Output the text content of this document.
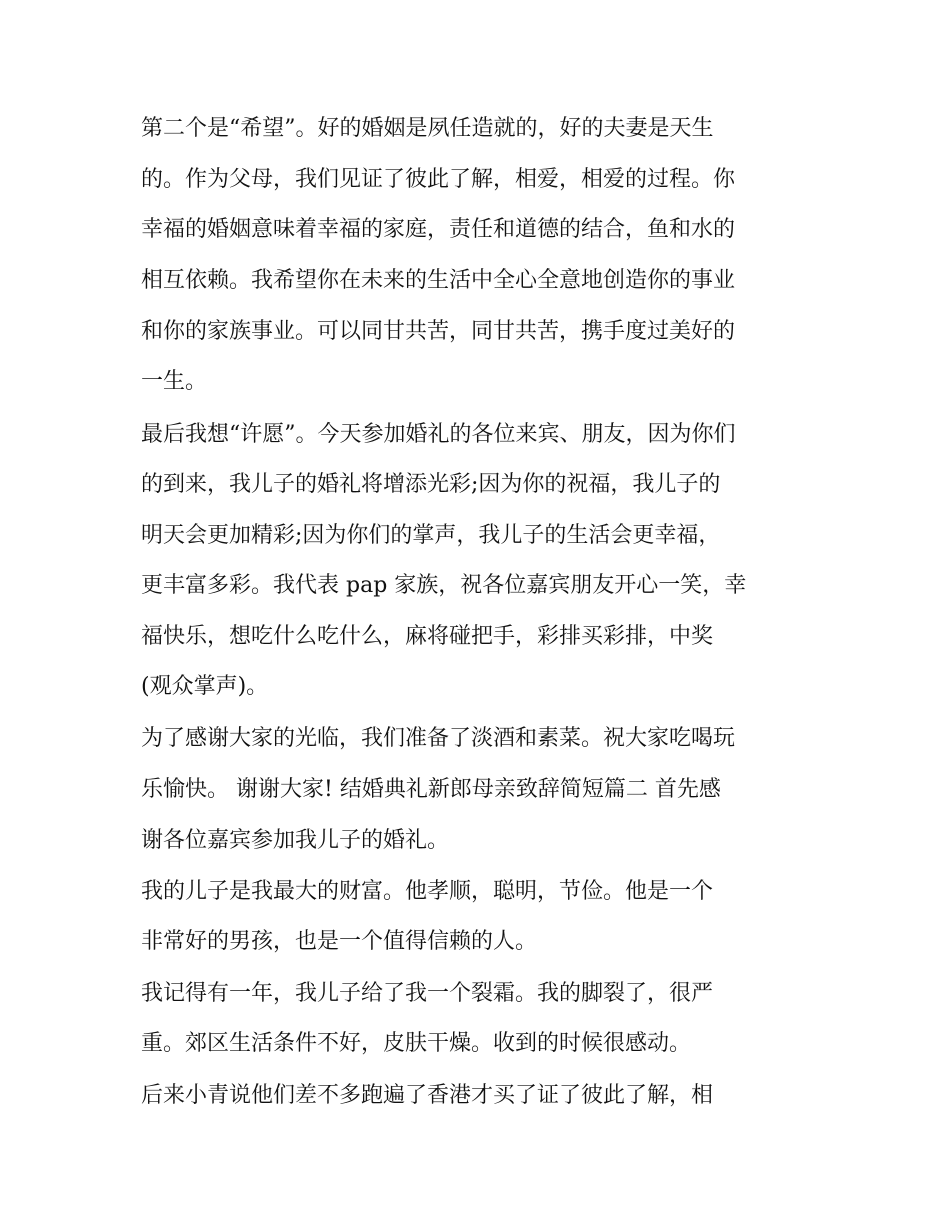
第二个是“希望”。好的婚姻是夙任造就的，好的夫妻是天生
的。作为父母，我们见证了彼此了解，相爱，相爱的过程。你
幸福的婚姻意味着幸福的家庭，责任和道德的结合，鱼和水的
相互依赖。我希望你在未来的生活中全心全意地创造你的事业
和你的家族事业。可以同甘共苦，同甘共苦，携手度过美好的
一生。
最后我想“许愿”。今天参加婚礼的各位来宾、朋友，因为你们
的到来，我儿子的婚礼将增添光彩;因为你的祝福，我儿子的
明天会更加精彩;因为你们的掌声，我儿子的生活会更幸福，
更丰富多彩。我代表 pap 家族，祝各位嘉宾朋友开心一笑，幸
福快乐，想吃什么吃什么，麻将碰把手，彩排买彩排，中奖
(观众掌声)。
为了感谢大家的光临，我们准备了淡酒和素菜。祝大家吃喝玩
乐愉快。 谢谢大家! 结婚典礼新郎母亲致辞简短篇二 首先感
谢各位嘉宾参加我儿子的婚礼。
我的儿子是我最大的财富。他孝顺，聪明，节俭。他是一个
非常好的男孩，也是一个值得信赖的人。
我记得有一年，我儿子给了我一个裂霜。我的脚裂了，很严
重。郊区生活条件不好，皮肤干燥。收到的时候很感动。
后来小青说他们差不多跑遍了香港才买了证了彼此了解，相
